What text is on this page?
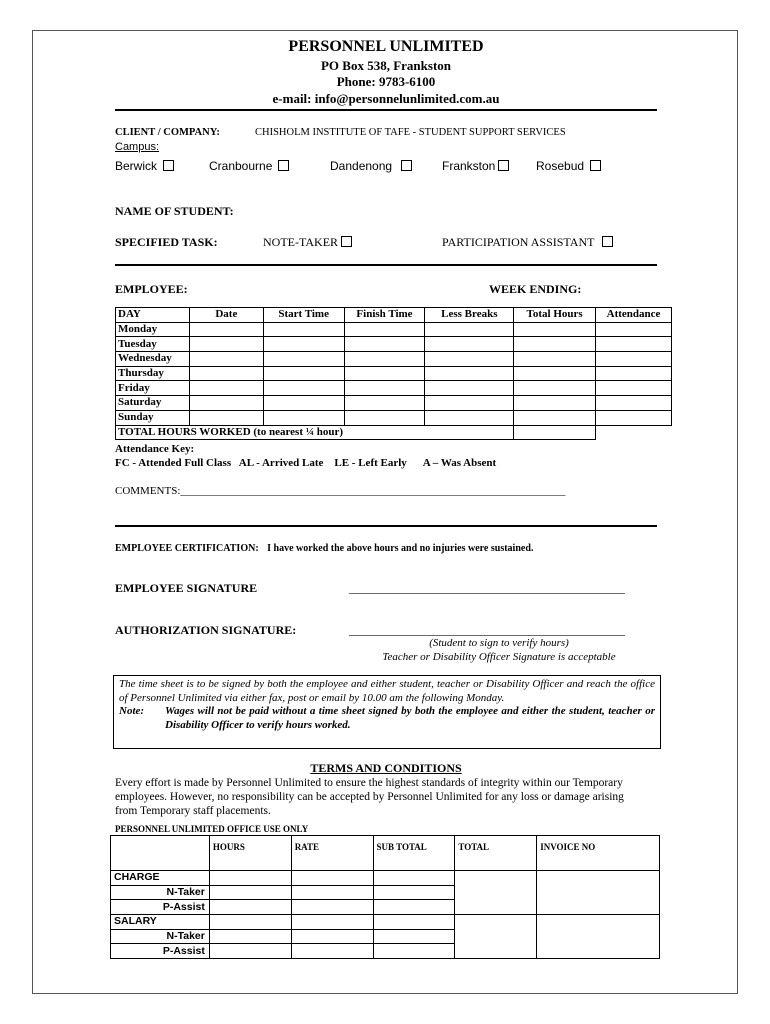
PERSONNEL UNLIMITED
PO Box 538, Frankston
Phone: 9783-6100
e-mail: info@personnelunlimited.com.au
CLIENT / COMPANY:	CHISHOLM INSTITUTE OF TAFE - STUDENT SUPPORT SERVICES
Campus:
Berwick	Cranbourne	Dandenong	Frankston	Rosebud
NAME OF STUDENT:
SPECIFIED TASK:	NOTE-TAKER	PARTICIPATION ASSISTANT
EMPLOYEE:	WEEK ENDING:
DAY	Date	Start Time	Finish Time	Less Breaks	Total Hours	Attendance
Monday						
Tuesday						
Wednesday						
Thursday						
Friday						
Saturday						
Sunday						
TOTAL HOURS WORKED (to nearest ¼ hour)						
Attendance Key:
FC - Attended Full Class   AL - Arrived Late    LE - Left Early      A – Was Absent
COMMENTS:______________________________________________________________________
EMPLOYEE CERTIFICATION: I have worked the above hours and no injuries were sustained.
EMPLOYEE SIGNATURE	______________________________________________
AUTHORIZATION SIGNATURE:	______________________________________________
(Student to sign to verify hours)
Teacher or Disability Officer Signature is acceptable
The time sheet is to be signed by both the employee and either student, teacher or Disability Officer and reach the office of Personnel Unlimited via either fax, post or email by 10.00 am the following Monday.
Note:	Wages will not be paid without a time sheet signed by both the employee and either the student, teacher or Disability Officer to verify hours worked.
TERMS AND CONDITIONS
Every effort is made by Personnel Unlimited to ensure the highest standards of integrity within our Temporary employees. However, no responsibility can be accepted by Personnel Unlimited for any loss or damage arising from Temporary staff placements.
PERSONNEL UNLIMITED OFFICE USE ONLY
	HOURS	RATE	SUB TOTAL	TOTAL	INVOICE NO
CHARGE					
N-Taker					
P-Assist					
SALARY					
N-Taker					
P-Assist					
